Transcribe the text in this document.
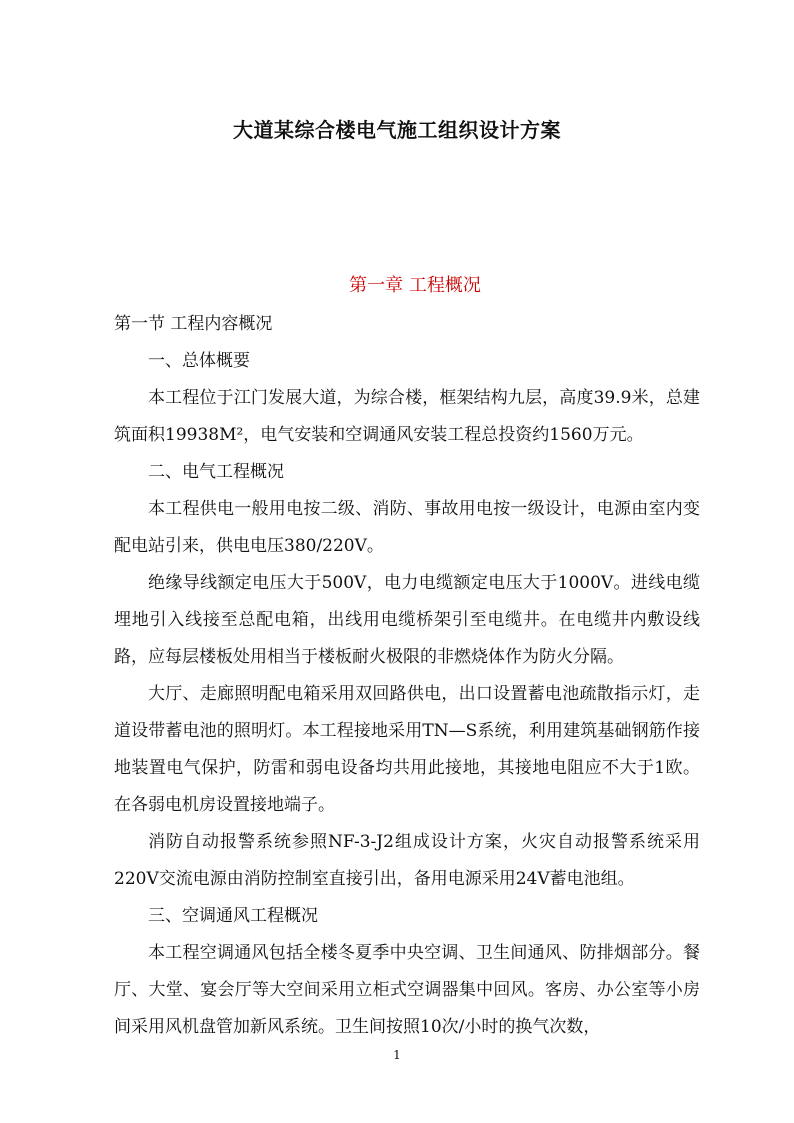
大道某综合楼电气施工组织设计方案
第一章 工程概况

第一节 工程内容概况

一、总体概要

本工程位于江门发展大道，为综合楼，框架结构九层，高度39.9米，总建筑面积19938M²，电气安装和空调通风安装工程总投资约1560万元。

二、电气工程概况

本工程供电一般用电按二级、消防、事故用电按一级设计，电源由室内变配电站引来，供电电压380/220V。

绝缘导线额定电压大于500V，电力电缆额定电压大于1000V。进线电缆埋地引入线接至总配电箱，出线用电缆桥架引至电缆井。在电缆井内敷设线路，应每层楼板处用相当于楼板耐火极限的非燃烧体作为防火分隔。

大厅、走廊照明配电箱采用双回路供电，出口设置蓄电池疏散指示灯，走道设带蓄电池的照明灯。本工程接地采用TN—S系统，利用建筑基础钢筋作接地装置电气保护，防雷和弱电设备均共用此接地，其接地电阻应不大于1欧。在各弱电机房设置接地端子。

消防自动报警系统参照NF-3-J2组成设计方案，火灾自动报警系统采用220V交流电源由消防控制室直接引出，备用电源采用24V蓄电池组。

三、空调通风工程概况

本工程空调通风包括全楼冬夏季中央空调、卫生间通风、防排烟部分。餐厅、大堂、宴会厅等大空间采用立柜式空调器集中回风。客房、办公室等小房间采用风机盘管加新风系统。卫生间按照10次/小时的换气次数，

1
